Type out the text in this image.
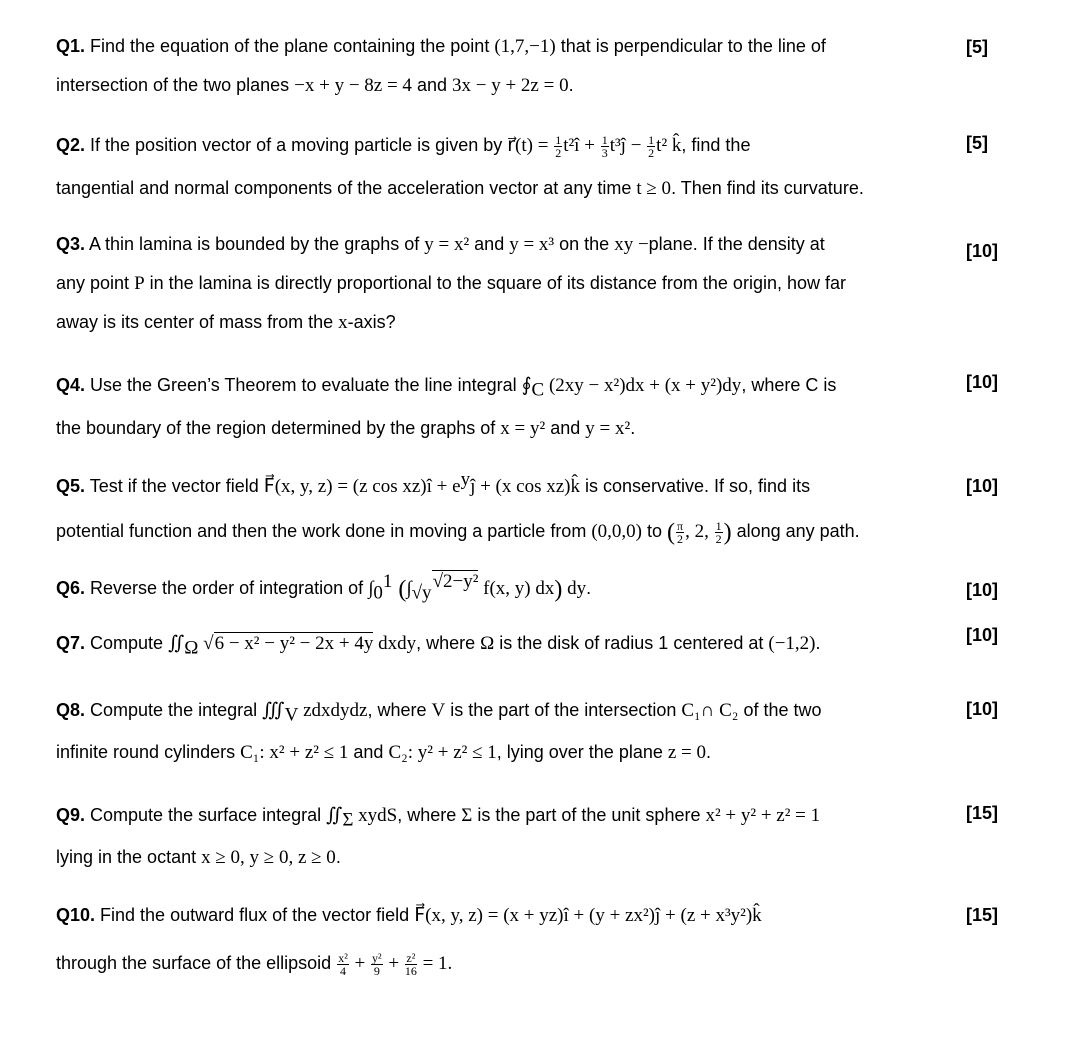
Q1. Find the equation of the plane containing the point (1,7,−1) that is perpendicular to the line of
intersection of the two planes −x + y − 8z = 4 and 3x − y + 2z = 0.
[5]
Q2. If the position vector of a moving particle is given by r⃗(t) = $\frac{1}{2}$ t²î + $\frac{1}{3}$ t³ĵ − $\frac{1}{2} t^2$ k̂, find the
tangential and normal components of the acceleration vector at any time t ≥ 0. Then find its curvature.
[5]
Q3. A thin lamina is bounded by the graphs of y = x² and y = x³ on the xy −plane. If the density at
any point P in the lamina is directly proportional to the square of its distance from the origin, how far
away is its center of mass from the x-axis?
[10]
Q4. Use the Green’s Theorem to evaluate the line integral $∮_C$ (2xy − x²)dx + (x + y²)dy, where C is
the boundary of the region determined by the graphs of x = y² and y = x².
[10]
Q5. Test if the vector field F⃗(x, y, z) = (z cos xz)î + $e^yĵ + (x$ cos xz)k̂ is conservative. If so, find its
potential function and then the work done in moving a particle from (0,0,0) to ( $\frac{\pi}{2}$ , 2, $\frac{1}{2}$ ) along any path.
[10]
Q6. Reverse the order of integration of $\int_0^1$ ($\int_{√y}^{√2-y^2}$ f(x, y) dx) dy.	[10]
Q7. Compute $∬_\Omega$ √6 − x² − y² − 2x + 4y dxdy, where Ω is the disk of radius 1 centered at (−1,2).	[10]
Q8. Compute the integral $∭_V$ zdxdydz, where V is the part of the intersection C₁∩ C₂ of the two
infinite round cylinders C₁: x² + z² ≤ 1 and C₂: y² + z² ≤ 1, lying over the plane z = 0.
[10]
Q9. Compute the surface integral $∬_\Sigma$ xydS, where Σ is the part of the unit sphere x² + y² + z² = 1
lying in the octant x ≥ 0, y ≥ 0, z ≥ 0.
[15]
Q10. Find the outward flux of the vector field F⃗(x, y, z) = (x + yz)î + (y + zx²)ĵ + (z + x³y²)k̂
through the surface of the ellipsoid $\frac{\text{x²}}{4} + \frac{\text{y²}}{9} + \frac{\text{z²}}{16} = 1$.
[15]
